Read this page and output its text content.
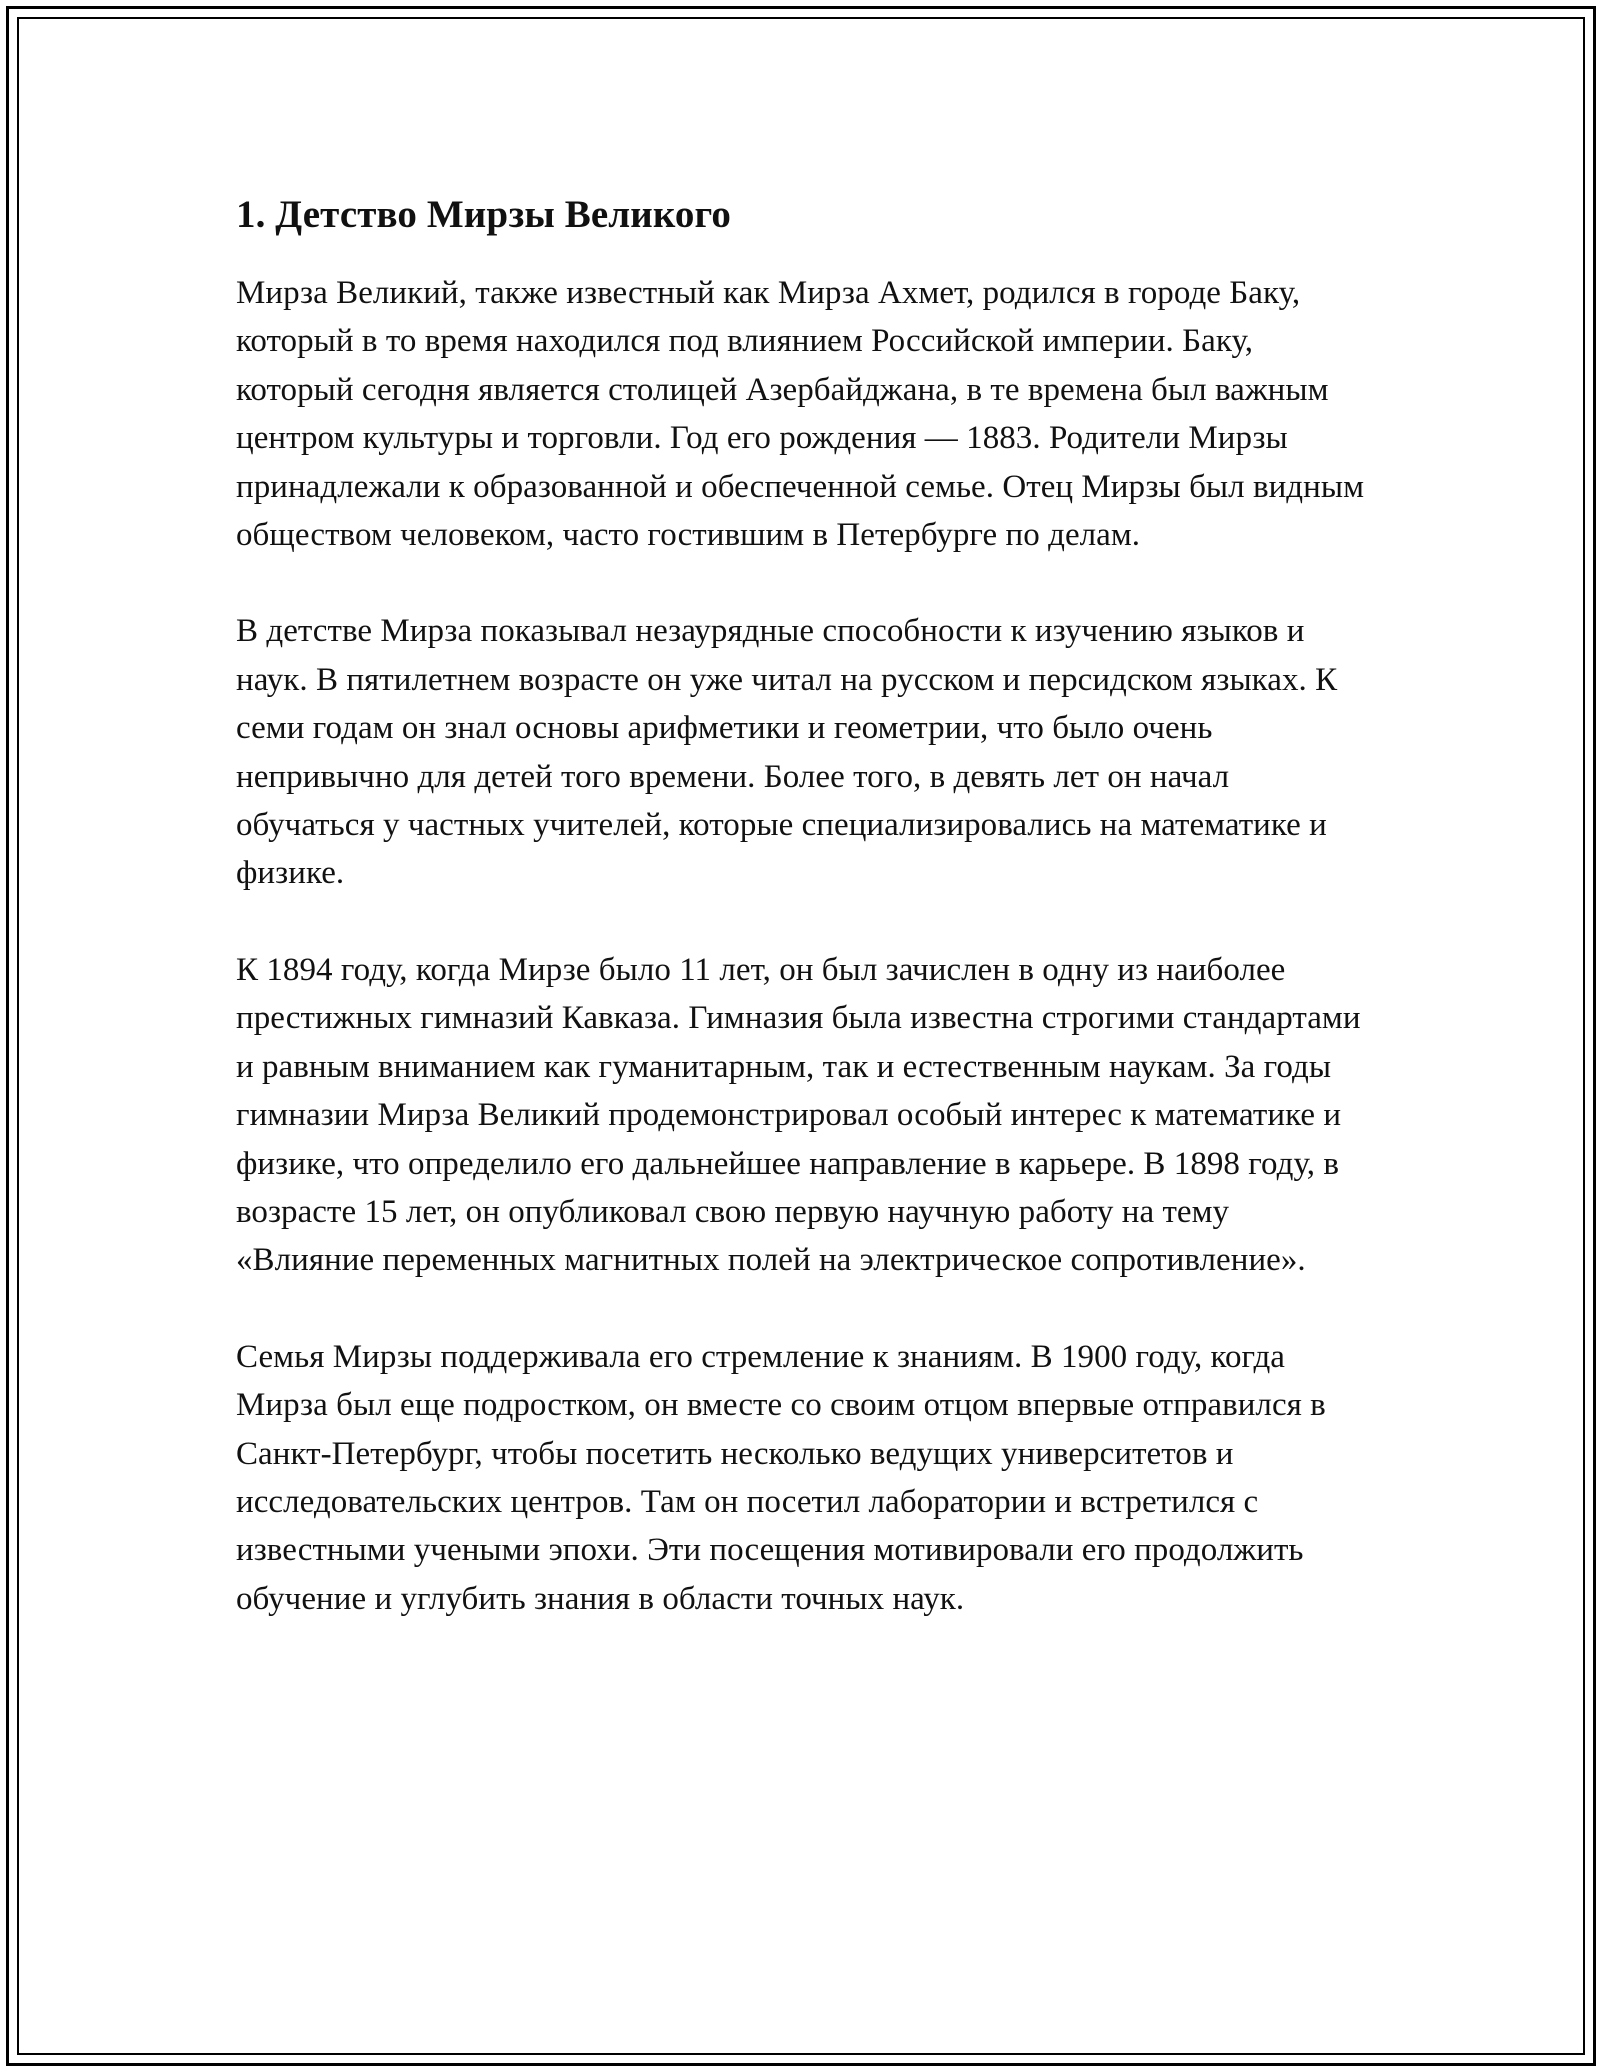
1. Детство Мирзы Великого

Мирза Великий, также известный как Мирза Ахмет, родился в городе Баку, который в то время находился под влиянием Российской империи. Баку, который сегодня является столицей Азербайджана, в те времена был важным центром культуры и торговли. Год его рождения — 1883. Родители Мирзы принадлежали к образованной и обеспеченной семье. Отец Мирзы был видным обществом человеком, часто гостившим в Петербурге по делам.

В детстве Мирза показывал незаурядные способности к изучению языков и наук. В пятилетнем возрасте он уже читал на русском и персидском языках. К семи годам он знал основы арифметики и геометрии, что было очень непривычно для детей того времени. Более того, в девять лет он начал обучаться у частных учителей, которые специализировались на математике и физике.

К 1894 году, когда Мирзе было 11 лет, он был зачислен в одну из наиболее престижных гимназий Кавказа. Гимназия была известна строгими стандартами и равным вниманием как гуманитарным, так и естественным наукам. За годы гимназии Мирза Великий продемонстрировал особый интерес к математике и физике, что определило его дальнейшее направление в карьере. В 1898 году, в возрасте 15 лет, он опубликовал свою первую научную работу на тему «Влияние переменных магнитных полей на электрическое сопротивление».

Семья Мирзы поддерживала его стремление к знаниям. В 1900 году, когда Мирза был еще подростком, он вместе со своим отцом впервые отправился в Санкт-Петербург, чтобы посетить несколько ведущих университетов и исследовательских центров. Там он посетил лаборатории и встретился с известными учеными эпохи. Эти посещения мотивировали его продолжить обучение и углубить знания в области точных наук.
